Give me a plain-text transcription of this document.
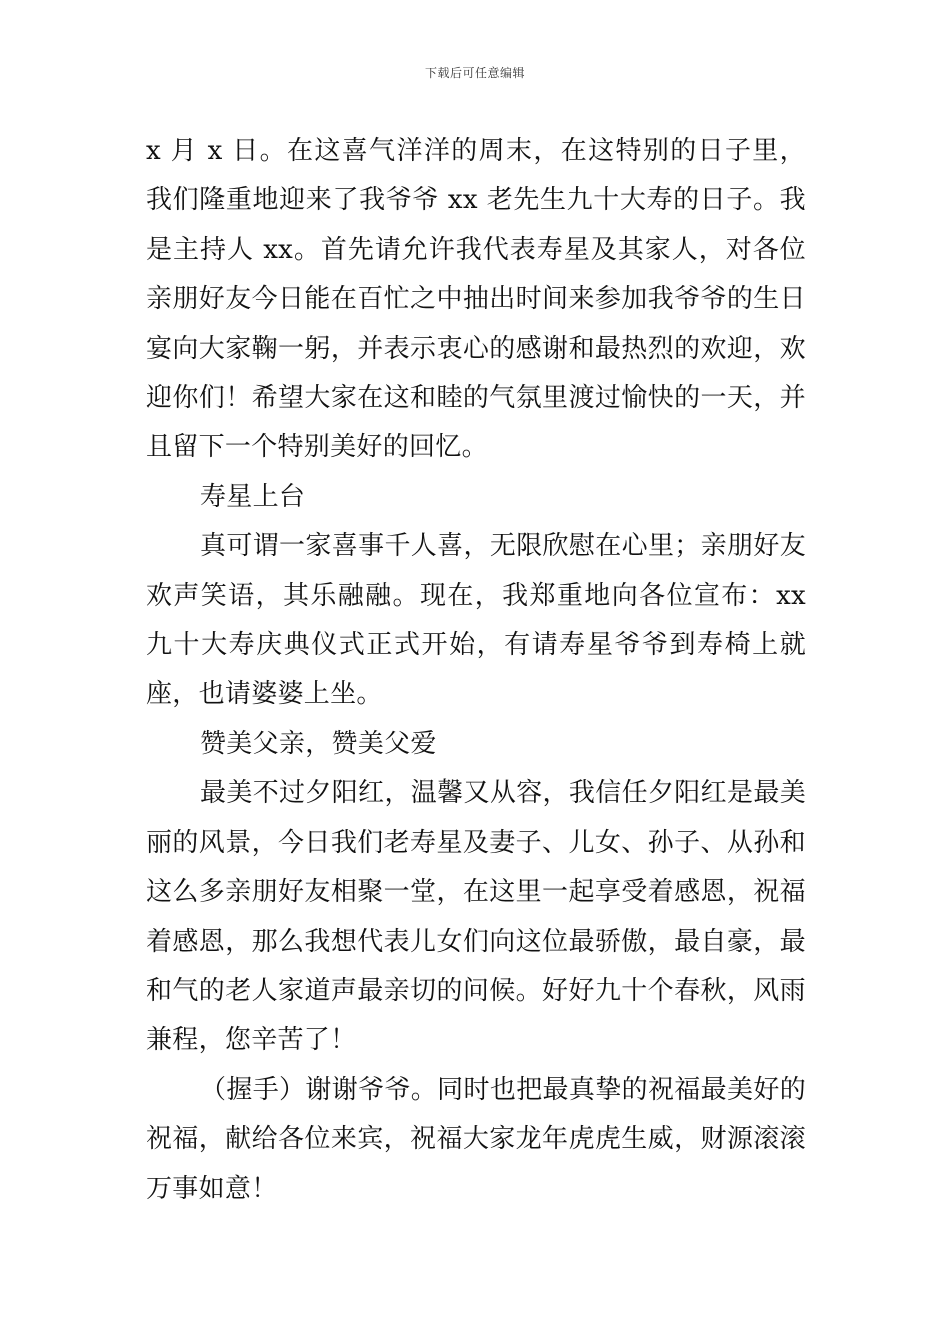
下载后可任意编辑

x 月 x 日。在这喜气洋洋的周末，在这特别的日子里，我们隆重地迎来了我爷爷 xx 老先生九十大寿的日子。我是主持人 xx。首先请允许我代表寿星及其家人，对各位亲朋好友今日能在百忙之中抽出时间来参加我爷爷的生日宴向大家鞠一躬，并表示衷心的感谢和最热烈的欢迎，欢迎你们！希望大家在这和睦的气氛里渡过愉快的一天，并且留下一个特别美好的回忆。

寿星上台

真可谓一家喜事千人喜，无限欣慰在心里；亲朋好友欢声笑语，其乐融融。现在，我郑重地向各位宣布：xx 九十大寿庆典仪式正式开始，有请寿星爷爷到寿椅上就座，也请婆婆上坐。

赞美父亲，赞美父爱

最美不过夕阳红，温馨又从容，我信任夕阳红是最美丽的风景，今日我们老寿星及妻子、儿女、孙子、从孙和这么多亲朋好友相聚一堂，在这里一起享受着感恩，祝福着感恩，那么我想代表儿女们向这位最骄傲，最自豪，最和气的老人家道声最亲切的问候。好好九十个春秋，风雨兼程，您辛苦了！

（握手）谢谢爷爷。同时也把最真挚的祝福最美好的祝福，献给各位来宾，祝福大家龙年虎虎生威，财源滚滚万事如意！
